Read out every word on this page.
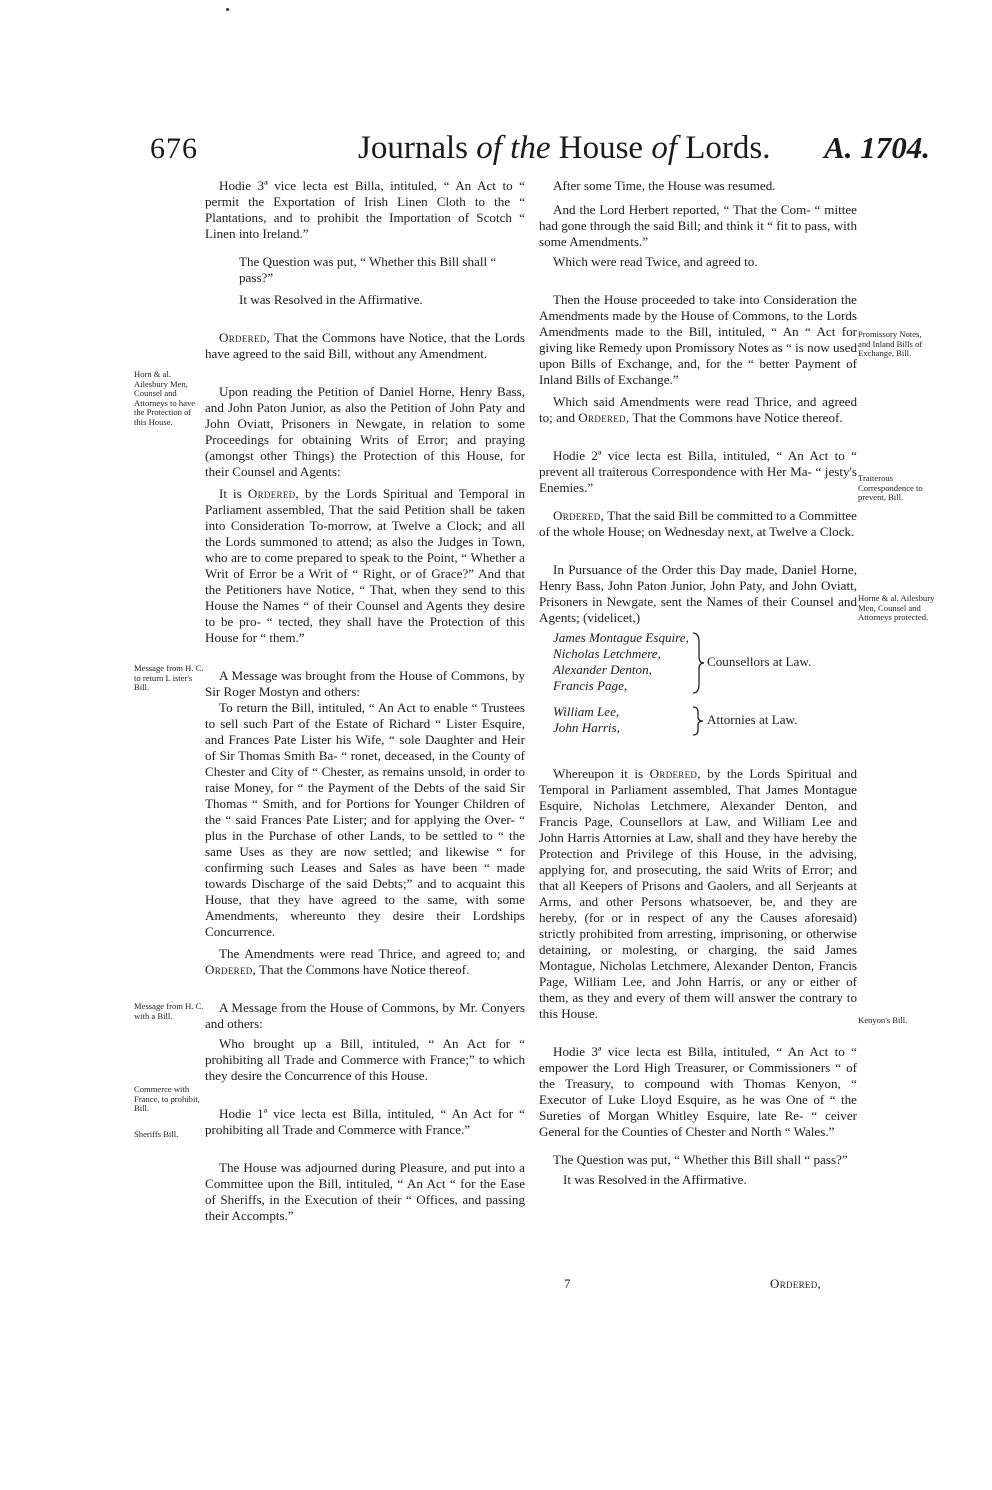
676	Journals of the House of Lords. A. 1704.
Horn & al. Ailesbury Men, Counsel and Attorneys to have the Protection of this House.
Message from H. C. to return L ister's Bill.
Message from H. C. with a Bill.
Commerce with France, to prohibit, Bill.
Sheriffs Bill.
Promissory Notes, and Inland Bills of Exchange, Bill.
Traiterous Correspondence to prevent, Bill.
Horne & al. Ailesbury Men, Counsel and Attorneys protected.
Kenyon's Bill.

Hodie 3ª vice lecta est Billa, intituled, “ An Act to “ permit the Exportation of Irish Linen Cloth to the “ Plantations, and to prohibit the Importation of Scotch “ Linen into Ireland.”

The Question was put, “ Whether this Bill shall “ pass?”
It was Resolved in the Affirmative.

Ordered, That the Commons have Notice, that the Lords have agreed to the said Bill, without any Amendment.

Upon reading the Petition of Daniel Horne, Henry Bass, and John Paton Junior, as also the Petition of John Paty and John Oviatt, Prisoners in Newgate, in relation to some Proceedings for obtaining Writs of Error; and praying (amongst other Things) the Protection of this House, for their Counsel and Agents:

It is Ordered, by the Lords Spiritual and Temporal in Parliament assembled, That the said Petition shall be taken into Consideration To-morrow, at Twelve a Clock; and all the Lords summoned to attend; as also the Judges in Town, who are to come prepared to speak to the Point, “ Whether a Writ of Error be a Writ of “ Right, or of Grace?” And that the Petitioners have Notice, “ That, when they send to this House the Names “ of their Counsel and Agents they desire to be pro- “ tected, they shall have the Protection of this House for “ them.”

A Message was brought from the House of Commons, by Sir Roger Mostyn and others:

To return the Bill, intituled, “ An Act to enable “ Trustees to sell such Part of the Estate of Richard “ Lister Esquire, and Frances Pate Lister his Wife, “ sole Daughter and Heir of Sir Thomas Smith Ba- “ ronet, deceased, in the County of Chester and City of “ Chester, as remains unsold, in order to raise Money, for “ the Payment of the Debts of the said Sir Thomas “ Smith, and for Portions for Younger Children of the “ said Frances Pate Lister; and for applying the Over- “ plus in the Purchase of other Lands, to be settled to “ the same Uses as they are now settled; and likewise “ for confirming such Leases and Sales as have been “ made towards Discharge of the said Debts;” and to acquaint this House, that they have agreed to the same, with some Amendments, whereunto they desire their Lordships Concurrence.

The Amendments were read Thrice, and agreed to; and Ordered, That the Commons have Notice thereof.

A Message from the House of Commons, by Mr. Conyers and others:

Who brought up a Bill, intituled, “ An Act for “ prohibiting all Trade and Commerce with France;” to which they desire the Concurrence of this House.

Hodie 1ª vice lecta est Billa, intituled, “ An Act for “ prohibiting all Trade and Commerce with France.”

The House was adjourned during Pleasure, and put into a Committee upon the Bill, intituled, “ An Act “ for the Ease of Sheriffs, in the Execution of their “ Offices, and passing their Accompts.”

After some Time, the House was resumed.

And the Lord Herbert reported, “ That the Com- “ mittee had gone through the said Bill; and think it “ fit to pass, with some Amendments.”

Which were read Twice, and agreed to.

Then the House proceeded to take into Consideration the Amendments made by the House of Commons, to the Lords Amendments made to the Bill, intituled, “ An “ Act for giving like Remedy upon Promissory Notes as “ is now used upon Bills of Exchange, and, for the “ better Payment of Inland Bills of Exchange.”

Which said Amendments were read Thrice, and agreed to; and Ordered, That the Commons have Notice thereof.

Hodie 2ª vice lecta est Billa, intituled, “ An Act to “ prevent all traiterous Correspondence with Her Ma- “ jesty's Enemies.”

Ordered, That the said Bill be committed to a Committee of the whole House; on Wednesday next, at Twelve a Clock.

In Pursuance of the Order this Day made, Daniel Horne, Henry Bass, John Paton Junior, John Paty, and John Oviatt, Prisoners in Newgate, sent the Names of their Counsel and Agents; (videlicet,)

James Montague Esquire,
Nicholas Letchmere,
Alexander Denton,
Francis Page,
Counsellors at Law.
William Lee,
John Harris,
Attornies at Law.

Whereupon it is Ordered, by the Lords Spiritual and Temporal in Parliament assembled, That James Montague Esquire, Nicholas Letchmere, Alexander Denton, and Francis Page, Counsellors at Law, and William Lee and John Harris Attornies at Law, shall and they have hereby the Protection and Privilege of this House, in the advising, applying for, and prosecuting, the said Writs of Error; and that all Keepers of Prisons and Gaolers, and all Serjeants at Arms, and other Persons whatsoever, be, and they are hereby, (for or in respect of any the Causes aforesaid) strictly prohibited from arresting, imprisoning, or otherwise detaining, or molesting, or charging, the said James Montague, Nicholas Letchmere, Alexander Denton, Francis Page, William Lee, and John Harris, or any or either of them, as they and every of them will answer the contrary to this House.

Hodie 3ª vice lecta est Billa, intituled, “ An Act to “ empower the Lord High Treasurer, or Commissioners “ of the Treasury, to compound with Thomas Kenyon, “ Executor of Luke Lloyd Esquire, as he was One of “ the Sureties of Morgan Whitley Esquire, late Re- “ ceiver General for the Counties of Chester and North “ Wales.”

The Question was put, “ Whether this Bill shall “ pass?”
It was Resolved in the Affirmative.
7	Ordered,
